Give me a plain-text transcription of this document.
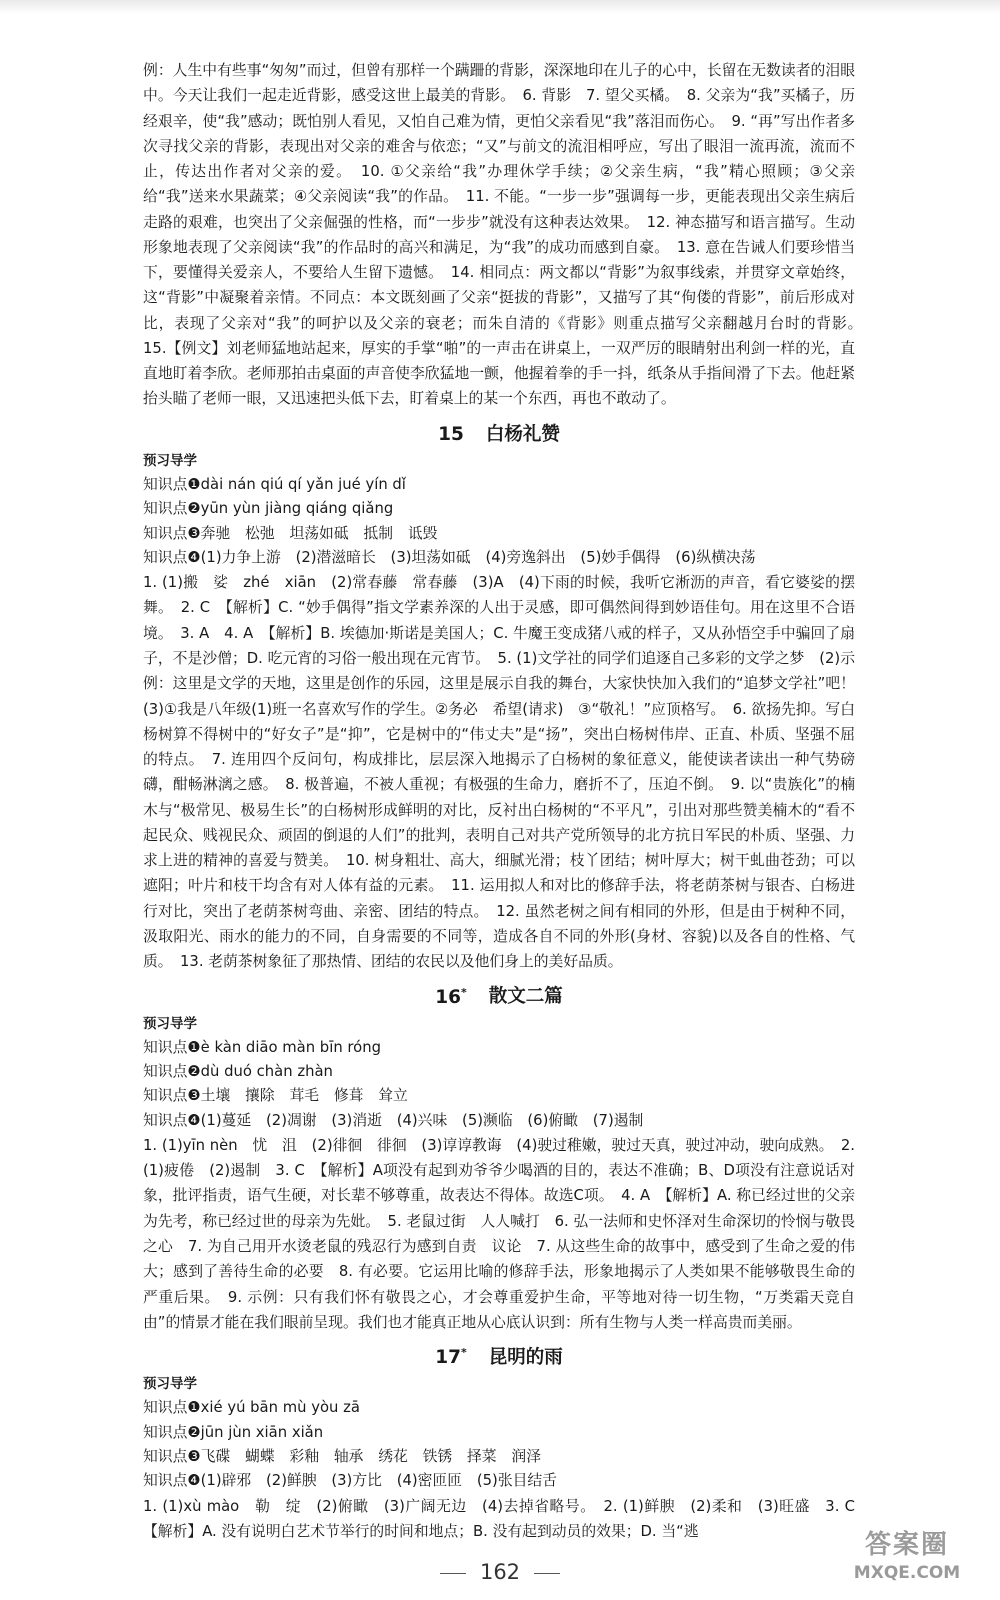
例：人生中有些事“匆匆”而过，但曾有那样一个蹒跚的背影，深深地印在儿子的心中，长留在无数读者的泪眼中。今天让我们一起走近背影，感受这世上最美的背影。　6. 背影　7. 望父买橘。　8. 父亲为“我”买橘子，历经艰辛，使“我”感动；既怕别人看见，又怕自己难为情，更怕父亲看见“我”落泪而伤心。　9. “再”写出作者多次寻找父亲的背影，表现出对父亲的难舍与依恋；“又”与前文的流泪相呼应，写出了眼泪一流再流，流而不止，传达出作者对父亲的爱。　10. ①父亲给“我”办理休学手续；②父亲生病，“我”精心照顾；③父亲给“我”送来水果蔬菜；④父亲阅读“我”的作品。　11. 不能。“一步一步”强调每一步，更能表现出父亲生病后走路的艰难，也突出了父亲倔强的性格，而“一步步”就没有这种表达效果。　12. 神态描写和语言描写。生动形象地表现了父亲阅读“我”的作品时的高兴和满足，为“我”的成功而感到自豪。　13. 意在告诫人们要珍惜当下，要懂得关爱亲人，不要给人生留下遗憾。　14. 相同点：两文都以“背影”为叙事线索，并贯穿文章始终，这“背影”中凝聚着亲情。不同点：本文既刻画了父亲“挺拔的背影”，又描写了其“佝偻的背影”，前后形成对比，表现了父亲对“我”的呵护以及父亲的衰老；而朱自清的《背影》则重点描写父亲翻越月台时的背影。　15.【例文】刘老师猛地站起来，厚实的手掌“啪”的一声击在讲桌上，一双严厉的眼睛射出利剑一样的光，直直地盯着李欣。老师那拍击桌面的声音使李欣猛地一颤，他握着拳的手一抖，纸条从手指间滑了下去。他赶紧抬头瞄了老师一眼，又迅速把头低下去，盯着桌上的某一个东西，再也不敢动了。

15 白杨礼赞

预习导学

知识点❶dài nán qiú qí yǎn jué yín dǐ

知识点❷yūn yùn jiàng qiáng qiǎng

知识点❸奔驰　松弛　坦荡如砥　抵制　诋毁

知识点❹(1)力争上游　(2)潜滋暗长　(3)坦荡如砥　(4)旁逸斜出　(5)妙手偶得　(6)纵横决荡

1. (1)搬　娑　zhé　xiān　(2)常春藤　常春藤　(3)A　(4)下雨的时候，我听它淅沥的声音，看它婆娑的摆舞。　2. C　【解析】C. “妙手偶得”指文学素养深的人出于灵感，即可偶然间得到妙语佳句。用在这里不合语境。　3. A　4. A　【解析】B. 埃德加·斯诺是美国人；C. 牛魔王变成猪八戒的样子，又从孙悟空手中骗回了扇子，不是沙僧；D. 吃元宵的习俗一般出现在元宵节。　5. (1)文学社的同学们追逐自己多彩的文学之梦　(2)示例：这里是文学的天地，这里是创作的乐园，这里是展示自我的舞台，大家快快加入我们的“追梦文学社”吧！　(3)①我是八年级(1)班一名喜欢写作的学生。②务必　希望(请求)　③“敬礼！”应顶格写。　6. 欲扬先抑。写白杨树算不得树中的“好女子”是“抑”，它是树中的“伟丈夫”是“扬”，突出白杨树伟岸、正直、朴质、坚强不屈的特点。　7. 连用四个反问句，构成排比，层层深入地揭示了白杨树的象征意义，能使读者读出一种气势磅礴，酣畅淋漓之感。　8. 极普遍，不被人重视；有极强的生命力，磨折不了，压迫不倒。　9. 以“贵族化”的楠木与“极常见、极易生长”的白杨树形成鲜明的对比，反衬出白杨树的“不平凡”，引出对那些赞美楠木的“看不起民众、贱视民众、顽固的倒退的人们”的批判，表明自己对共产党所领导的北方抗日军民的朴质、坚强、力求上进的精神的喜爱与赞美。　10. 树身粗壮、高大，细腻光滑；枝丫团结；树叶厚大；树干虬曲苍劲；可以遮阳；叶片和枝干均含有对人体有益的元素。　11. 运用拟人和对比的修辞手法，将老荫茶树与银杏、白杨进行对比，突出了老荫茶树弯曲、亲密、团结的特点。　12. 虽然老树之间有相同的外形，但是由于树种不同，汲取阳光、雨水的能力的不同，自身需要的不同等，造成各自不同的外形(身材、容貌)以及各自的性格、气质。　13. 老荫茶树象征了那热情、团结的农民以及他们身上的美好品质。

16* 散文二篇

预习导学

知识点❶è kàn diāo màn bīn róng

知识点❷dù duó chàn zhàn

知识点❸土壤　攘除　茸毛　修葺　耸立

知识点❹(1)蔓延　(2)凋谢　(3)消逝　(4)兴味　(5)濒临　(6)俯瞰　(7)遏制

1. (1)yīn nèn　忧　沮　(2)徘徊　徘徊　(3)谆谆教诲　(4)驶过稚嫩，驶过天真，驶过冲动，驶向成熟。　2. (1)疲倦　(2)遏制　3. C　【解析】A项没有起到劝爷爷少喝酒的目的，表达不准确；B、D项没有注意说话对象，批评指责，语气生硬，对长辈不够尊重，故表达不得体。故选C项。　4. A　【解析】A. 称已经过世的父亲为先考，称已经过世的母亲为先妣。　5. 老鼠过街　人人喊打　6. 弘一法师和史怀泽对生命深切的怜悯与敬畏之心　7. 为自己用开水烫老鼠的残忍行为感到自责　议论　7. 从这些生命的故事中，感受到了生命之爱的伟大；感到了善待生命的必要　8. 有必要。它运用比喻的修辞手法，形象地揭示了人类如果不能够敬畏生命的严重后果。　9. 示例：只有我们怀有敬畏之心，才会尊重爱护生命，平等地对待一切生物，“万类霜天竞自由”的情景才能在我们眼前呈现。我们也才能真正地从心底认识到：所有生物与人类一样高贵而美丽。

17* 昆明的雨

预习导学

知识点❶xié yú bān mù yòu zā

知识点❷jūn jùn xiān xiǎn

知识点❸飞碟　蝴蝶　彩釉　轴承　绣花　铁锈　择菜　润泽

知识点❹(1)辟邪　(2)鲜腴　(3)方比　(4)密匝匝　(5)张目结舌

1. (1)xù mào　勒　绽　(2)俯瞰　(3)广阔无边　(4)去掉省略号。　2. (1)鲜腴　(2)柔和　(3)旺盛　3. C　【解析】A. 没有说明白艺术节举行的时间和地点；B. 没有起到动员的效果；D. 当“逃

162
答案圈
MXQE.COM
